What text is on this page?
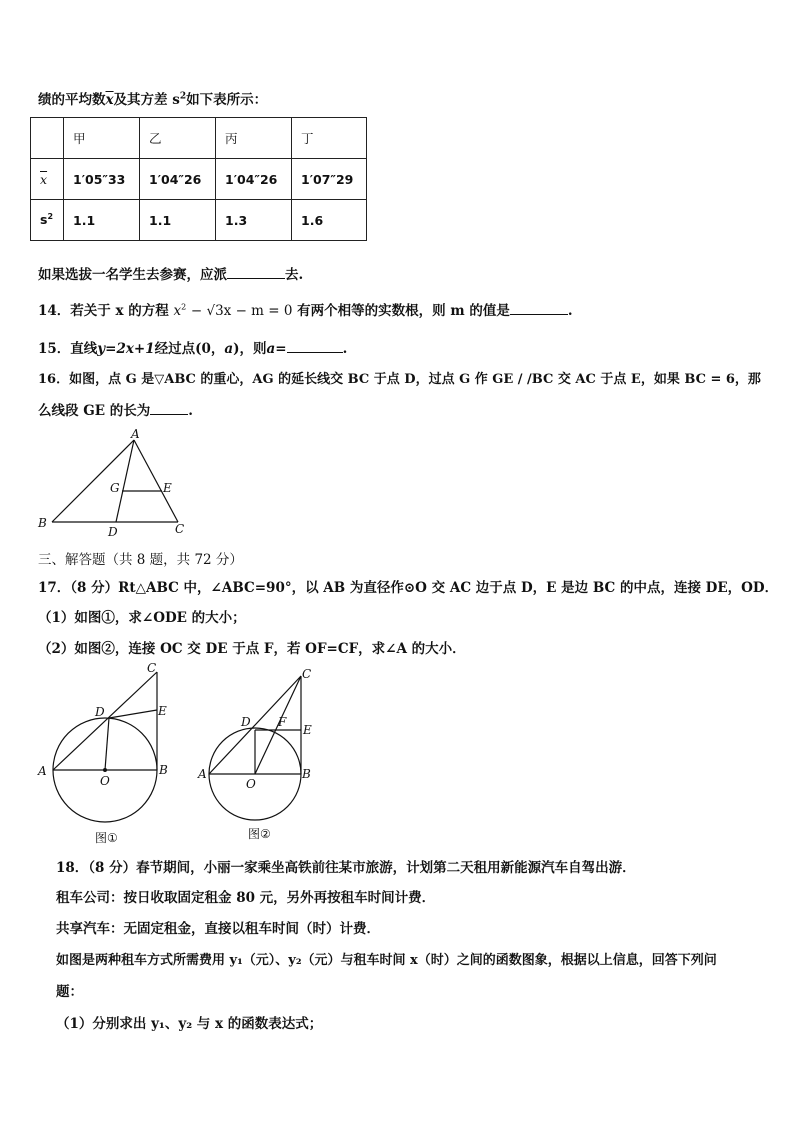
绩的平均数$\overline{x}$及其方差 $s^2$如下表所示：
	甲	乙	丙	丁
$\overline{x}$	1′05″33	1′04″26	1′04″26	1′07″29
$s^2$	1.1	1.1	1.3	1.6
如果选拔一名学生去参赛，应派	去.
14．若关于 x 的方程 $x^2 - √3x - m = 0$ 有两个相等的实数根，则 m 的值是	.
15．直线y=2x+1经过点(0，a)，则a=	.
16．如图，点 G 是▽ABC 的重心，AG 的延长线交 BC 于点 D，过点 G 作 GE / /BC 交 AC 于点 E，如果 BC = 6，那
么线段 GE 的长为	.
A
B	C
D
E
G
三、解答题（共 8 题，共 72 分）
17．（8 分）Rt△ABC 中，∠ABC=90°，以 AB 为直径作⊙O 交 AC 边于点 D，E 是边 BC 的中点，连接 DE，OD．
（1）如图①，求∠ODE 的大小；
（2）如图②，连接 OC 交 DE 于点 F，若 OF=CF，求∠A 的大小．
A	B
C
D	E
O
图①
A	B
C
D
E
F
O
图②
18．（8 分）春节期间，小丽一家乘坐高铁前往某市旅游，计划第二天租用新能源汽车自驾出游．
租车公司：按日收取固定租金 80 元，另外再按租车时间计费．
共享汽车：无固定租金，直接以租车时间（时）计费．
如图是两种租车方式所需费用 y₁（元）、y₂（元）与租车时间 x（时）之间的函数图象，根据以上信息，回答下列问
题：
（1）分别求出 y₁、y₂ 与 x 的函数表达式；
